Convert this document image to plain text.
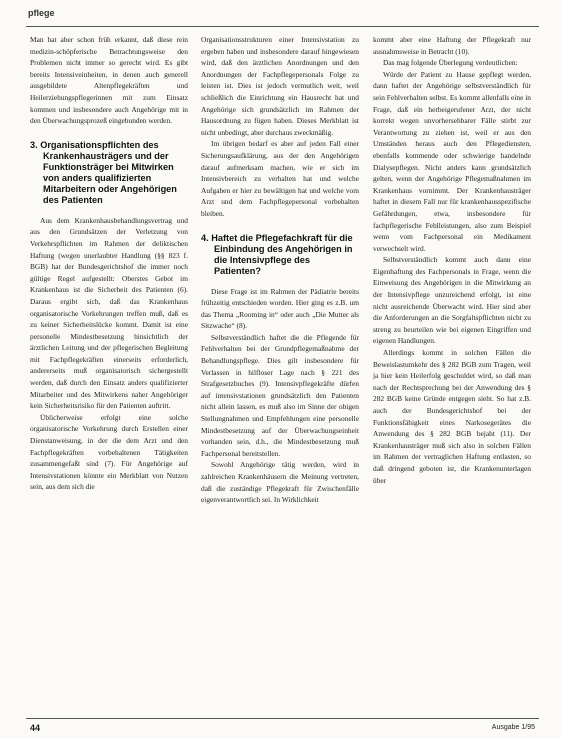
pflege

Man hat aber schon früh erkannt, daß diese rein medizin-schöpferische Betrachtungsweise den Problemen nicht immer so gerecht wird. Es gibt bereits Intensiveinheiten, in denen auch generell ausgebildete Altenpflegekräften und Heilerziehungspflegerinnen mit zum Einsatz kommen und insbesondere auch Angehörige mit in den Überwachungsprozeß eingebunden werden.

3. Organisationspflichten des Krankenhausträgers und der Funktionsträger bei Mitwirken von anders qualifizierten Mitarbeitern oder Angehörigen des Patienten

Aus dem Krankenhausbehandlungsvertrag und aus den Grundsätzen der Verletzung von Verkehrspflichten im Rahmen der deliktischen Haftung (wegen unerlaubter Handlung (§§ 823 f. BGB) hat der Bundesgerichtshof die immer noch gültige Regel aufgestellt: Oberstes Gebot im Krankenhaus ist die Sicherheit des Patienten (6). Daraus ergibt sich, daß das Krankenhaus organisatorische Vorkehrungen treffen muß, daß es zu keiner Sicherheitslücke kommt. Damit ist eine personelle Mindestbesetzung hinsichtlich der ärztlichen Leitung und der pflegerischen Begleitung mit Fachpflegekräften einerseits erforderlich, andererseits muß organisatorisch sichergestellt werden, daß durch den Einsatz anders qualifizierter Mitarbeiter und des Mitwirkens naher Angehöriger kein Sicherheitsrisiko für den Patienten auftritt.

Üblicherweise erfolgt eine solche organisatorische Vorkehrung durch Erstellen einer Dienstanweisung, in der die dem Arzt und den Fachpflegekräften vorbehaltenen Tätigkeiten zusammengefaßt sind (7). Für Angehörige auf Intensivstationen könnte ein Merkblatt von Nutzen sein, aus dem sich die

Organisationsstrukturen einer Intensivstation zu ergeben haben und insbesondere darauf hingewiesen wird, daß den ärztlichen Anordnungen und den Anordnungen der Fachpflegepersonals Folge zu leisten ist. Dies ist jedoch vermutlich weit, weil schließlich die Einrichtung ein Hausrecht hat und Angehörige sich grundsätzlich im Rahmen der Hausordnung zu fügen haben. Dieses Merkblatt ist nicht unbedingt, aber durchaus zweckmäßig.

Im übrigen bedarf es aber auf jeden Fall einer Sicherungsaufklärung, aus der den Angehörigen darauf aufmerksam machen, wie er sich im Intensivbereich zu verhalten hat und welche Aufgaben er hier zu bewältigen hat und welche vom Arzt und dem Fachpflegepersonal vorbehalten bleiben.

4. Haftet die Pflegefachkraft für die Einbindung des Angehörigen in die Intensivpflege des Patienten?

Diese Frage ist im Rahmen der Pädiatrie bereits frühzeitig entschieden worden. Hier ging es z.B. um das Thema „Rooming in“ oder auch „Die Mutter als Sitzwache“ (8).

Selbstverständlich haftet die die Pflegende für Fehlverhalten bei der Grundpflegemaßnahme der Behandlungspflege. Dies gilt insbesondere für Verlassen in hilfloser Lage nach § 221 des Strafgesetzbuches (9). Intensivpflegekräfte dürfen auf intensivstationen grundsätzlich den Patienten nicht allein lassen, es muß also im Sinne der obigen Stellungnahmen und Empfehlungen eine personelle Mindestbesetzung auf der Überwachungseinheit vorhanden sein, d.h., die Mindestbesetzung muß Fachpersonal bereitstellen.

Sowohl Angehörige tätig werden, wird in zahlreichen Krankenhäusern die Meinung vertreten, daß die zuständige Pflegekraft für Zwischenfälle eigenverantwortlich sei. In Wirklichkeit

kommt aber eine Haftung der Pflegekraft nur ausnahmsweise in Betracht (10).

Das mag folgende Überlegung verdeutlichen:

Würde der Patient zu Hause gepflegt werden, dann haftet der Angehörige selbstverständlich für sein Fehlverhalten selbst. Es kommt allenfalls eine in Frage, daß ein herbeigerufener Arzt, der nicht korrekt wegen unvorhersehbarer Fälle stirbt zur Verantwortung zu ziehen ist, weil er aus den Umständen heraus auch den Pflegediensten, ebenfalls kommende oder schwierige handelnde Dialysepflegen. Nicht anders kann grundsätzlich gelten, wenn der Angehörige Pflegemaßnahmen im Krankenhaus vornimmt. Der Krankenhausträger haftet in diesem Fall nur für krankenhausspezifische Gefährdungen, etwa, insbesondere für fachpflegerische Fehlleistungen, also zum Beispiel wenn vom Fachpersonal ein Medikament verwechselt wird.

Selbstverständlich kommt auch dann eine Eigenhaftung des Fachpersonals in Frage, wenn die Einweisung des Angehörigen in die Mitwirkung an der Intensivpflege unzureichend erfolgt, ist eine nicht ausreichende Überwacht wird. Hier sind aber die Anforderungen an die Sorgfaltspflichten nicht zu streng zu beurteilen wie bei eigenen Eingriffen und eigenen Handlungen.

Allerdings kommt in solchen Fällen die Beweislastumkehr des § 282 BGB zum Tragen, weil ja hier kein Heilerfolg geschuldet wird, so daß man nach der Rechtsprechung bei der Anwendung des § 282 BGB keine Gründe entgegen sieht. So hat z.B. auch der Bundesgerichtshof bei der Funktionsfähigkeit eines Narkosegerätes die Anwendung des § 282 BGB bejaht (11). Der Krankenhausträger muß sich also in solchen Fällen im Rahmen der vertraglichen Haftung entlasten, so daß dringend geboten ist, die Krankenunterlagen über

44	Ausgabe 1/95
